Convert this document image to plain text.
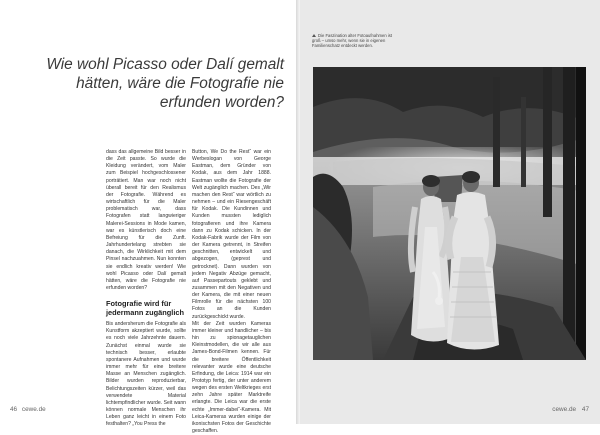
Wie wohl Picasso oder Dalí gemalt hätten, wäre die Fotografie nie erfunden worden?

dass das allgemeine Bild besser in die Zeit passte. So wurde die Kleidung verändert, vom Maler zum Beispiel hochgeschlossener porträtiert. Man war noch nicht überall bereit für den Realismus der Fotografie. Während es wirtschaftlich für die Maler problematisch war, dass Fotografen statt langwieriger Malerei-Sessions in Mode kamen, war es künstlerisch doch eine Befreiung für die Zunft. Jahrhundertelang strebten sie danach, die Wirklichkeit mit dem Pinsel nachzuahmen. Nun konnten sie endlich kreativ werden! Wie wohl Picasso oder Dalí gemalt hätten, wäre die Fotografie nie erfunden worden?

Fotografie wird für jedermann zugänglich

Bis andersherum die Fotografie als Kunstform akzeptiert wurde, sollte es noch viele Jahrzehnte dauern. Zunächst einmal wurde sie technisch besser, erlaubte spontanere Aufnahmen und wurde immer mehr für eine breitere Masse an Menschen zugänglich. Bilder wurden reproduzierbar, Belichtungszeiten kürzer, weil das verwendete Material lichtempfindlicher wurde. Seit wann können normale Menschen ihr Leben ganz leicht in einem Foto festhalten? „You Press the

Button, We Do the Rest“ war ein Werbeslogan von George Eastman, dem Gründer von Kodak, aus dem Jahr 1888. Eastman wollte die Fotografie der Welt zugänglich machen. Des „Wir machen den Rest“ war wörtlich zu nehmen – und ein Riesengeschäft für Kodak. Die Kundinnen und Kunden mussten lediglich fotografieren und ihre Kamera dann zu Kodak schicken. In der Kodak-Fabrik wurde der Film von der Kamera getrennt, in Streifen geschnitten, entwickelt und abgezogen, (geprest und getrocknet). Dann wurden von jedem Negativ Abzüge gemacht, auf Passepartouts geklebt und zusammen mit den Negativen und der Kamera, die mit einer neuen Filmrolle für die nächsten 100 Fotos an die Kunden zurückgeschickt wurde.
Mit der Zeit wurden Kameras immer kleiner und handlicher – bis hin zu spionagetauglichen Kleinstmodellen, die wir alle aus James-Bond-Filmen kennen. Für die breitere Öffentlichkeit relevanter wurde eine deutsche Erfindung, die Leica: 1914 war ein Prototyp fertig, der unter anderem wegen des ersten Weltkrieges erst zehn Jahre später Marktreife erlangte. Die Leica war die erste echte „Immer-dabei“-Kamera. Mit Leica-Kameras wurden einige der ikonischsten Fotos der Geschichte geschaffen.

46 cewe.de
Die Faszination alter Fotoaufnahmen ist groß – umso mehr, wenn sie in eigenen Familienschatz entdeckt werden.
cewe.de 47
